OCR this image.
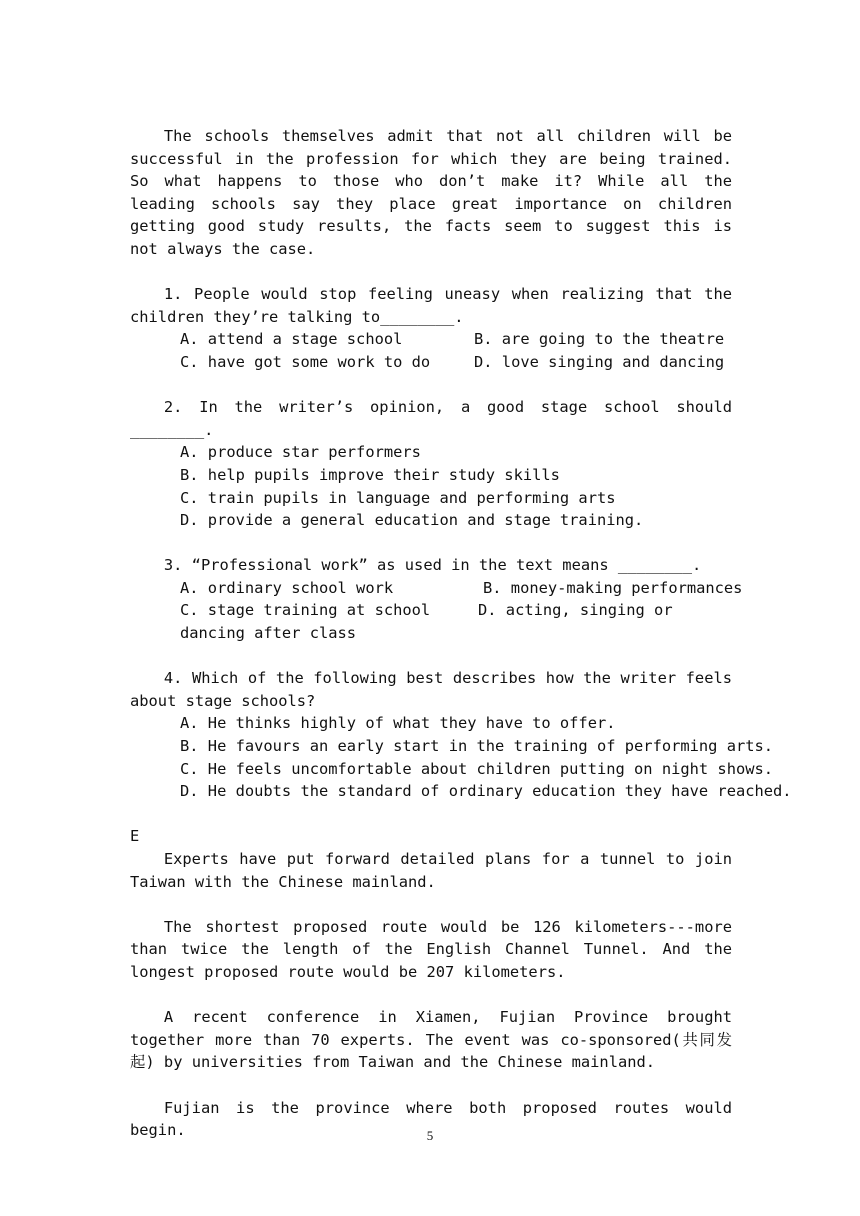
The schools themselves admit that not all children will be successful in the profession for which they are being trained. So what happens to those who don’t make it? While all the leading schools say they place great importance on children getting good study results, the facts seem to suggest this is not always the case.

1. People would stop feeling uneasy when realizing that the children they’re talking to________.

A. attend a stage school	B. are going to the theatre
C. have got some work to do	D. love singing and dancing

2. In the writer’s opinion, a good stage school should ________.

A. produce star performers
B. help pupils improve their study skills
C. train pupils in language and performing arts
D. provide a general education and stage training.

3. “Professional work” as used in the text means ________.

A. ordinary school work	B. money-making performances
C. stage training at school	D. acting, singing or dancing after class

4. Which of the following best describes how the writer feels about stage schools?

A. He thinks highly of what they have to offer.
B. He favours an early start in the training of performing arts.
C. He feels uncomfortable about children putting on night shows.
D. He doubts the standard of ordinary education they have reached.

E

Experts have put forward detailed plans for a tunnel to join Taiwan with the Chinese mainland.

The shortest proposed route would be 126 kilometers---more than twice the length of the English Channel Tunnel. And the longest proposed route would be 207 kilometers.

A recent conference in Xiamen, Fujian Province brought together more than 70 experts. The event was co-sponsored(共同发起) by universities from Taiwan and the Chinese mainland.

Fujian is the province where both proposed routes would begin.	5
